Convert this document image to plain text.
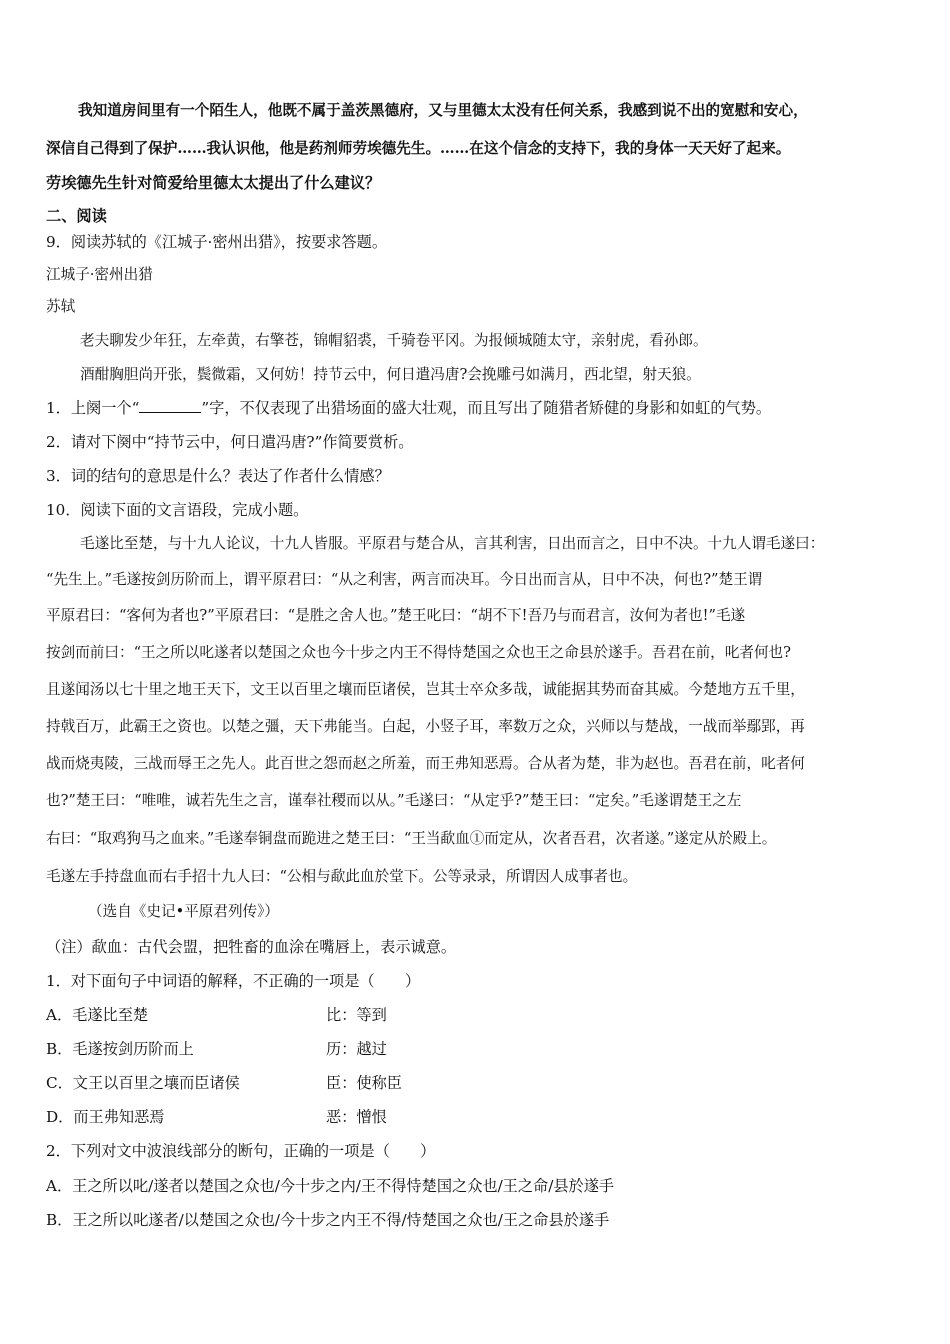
我知道房间里有一个陌生人，他既不属于盖茨黑德府，又与里德太太没有任何关系，我感到说不出的宽慰和安心，
深信自己得到了保护……我认识他，他是药剂师劳埃德先生。……在这个信念的支持下，我的身体一天天好了起来。
劳埃德先生针对简爱给里德太太提出了什么建议？
二、阅读
9．阅读苏轼的《江城子·密州出猎》，按要求答题。
江城子·密州出猎
苏轼
老夫聊发少年狂，左牵黄，右擎苍，锦帽貂裘，千骑卷平冈。为报倾城随太守，亲射虎，看孙郎。
酒酣胸胆尚开张，鬓微霜，又何妨！持节云中，何日遣冯唐?会挽雕弓如满月，西北望，射天狼。
1．上阕一个“	”字，不仅表现了出猎场面的盛大壮观，而且写出了随猎者矫健的身影和如虹的气势。
2．请对下阕中“持节云中，何日遣冯唐?”作简要赏析。
3．词的结句的意思是什么？表达了作者什么情感？
10．阅读下面的文言语段，完成小题。
毛遂比至楚，与十九人论议，十九人皆服。平原君与楚合从，言其利害，日出而言之，日中不决。十九人谓毛遂曰：
“先生上。”毛遂按剑历阶而上，谓平原君曰：“从之利害，两言而决耳。今日出而言从，日中不决，何也?”楚王谓
平原君曰：“客何为者也?”平原君曰：“是胜之舍人也。”楚王叱曰：“胡不下!吾乃与而君言，汝何为者也!”毛遂
按剑而前曰：“王之所以叱遂者以楚国之众也今十步之内王不得恃楚国之众也王之命县於遂手。吾君在前，叱者何也?
且遂闻汤以七十里之地王天下，文王以百里之壤而臣诸侯，岂其士卒众多哉，诚能据其势而奋其威。今楚地方五千里，
持戟百万，此霸王之资也。以楚之彊，天下弗能当。白起，小竖子耳，率数万之众，兴师以与楚战，一战而举鄢郢，再
战而烧夷陵，三战而辱王之先人。此百世之怨而赵之所羞，而王弗知恶焉。合从者为楚，非为赵也。吾君在前，叱者何
也?”楚王曰：“唯唯，诚若先生之言，谨奉社稷而以从。”毛遂曰：“从定乎?”楚王曰：“定矣。”毛遂谓楚王之左
右曰：“取鸡狗马之血来。”毛遂奉铜盘而跪进之楚王曰：“王当歃血①而定从，次者吾君，次者遂。”遂定从於殿上。
毛遂左手持盘血而右手招十九人曰：“公相与歃此血於堂下。公等录录，所谓因人成事者也。
（选自《史记•平原君列传》）
（注）歃血：古代会盟，把牲畜的血涂在嘴唇上，表示诚意。
1．对下面句子中词语的解释，不正确的一项是（　　）
A．毛遂比至楚	比：等到
B．毛遂按剑历阶而上	历：越过
C．文王以百里之壤而臣诸侯	臣：使称臣
D．而王弗知恶焉	恶：憎恨
2．下列对文中波浪线部分的断句，正确的一项是（　　）
A．王之所以叱/遂者以楚国之众也/今十步之内/王不得恃楚国之众也/王之命/县於遂手
B．王之所以叱遂者/以楚国之众也/今十步之内王不得/恃楚国之众也/王之命县於遂手
